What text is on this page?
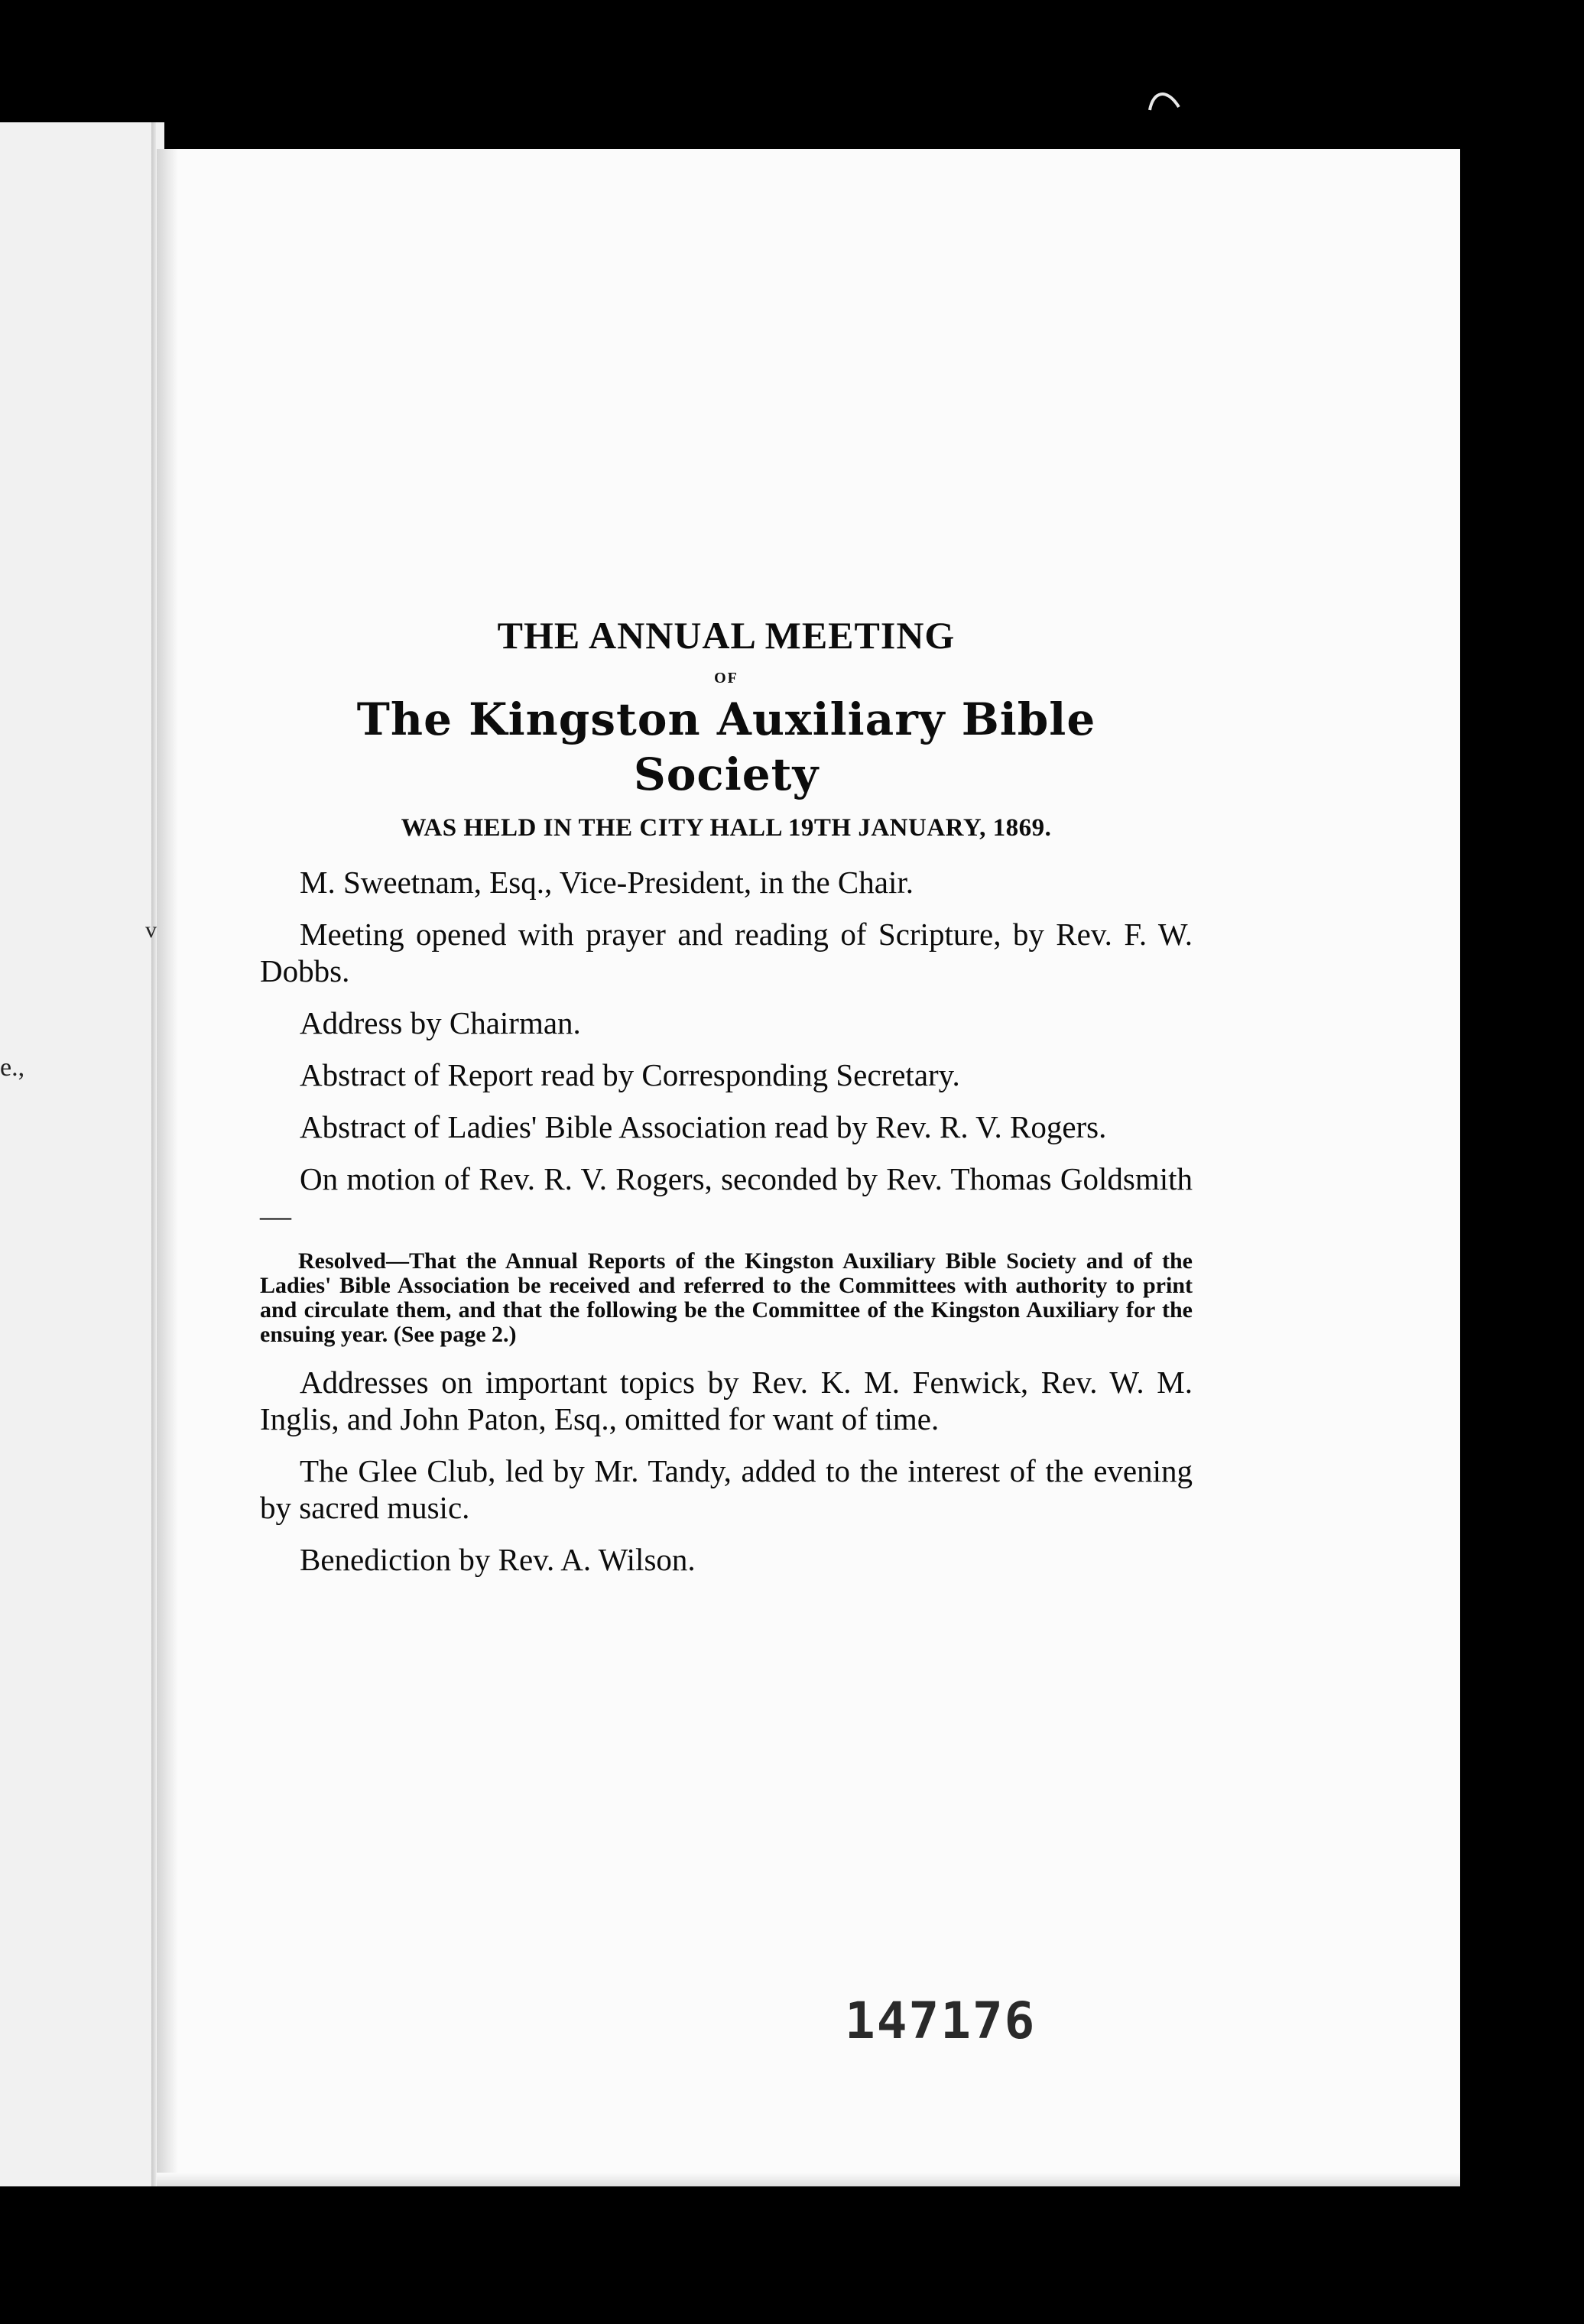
v
e.,
THE ANNUAL MEETING
OF
The Kingston Auxiliary Bible Society
WAS HELD IN THE CITY HALL 19TH JANUARY, 1869.

M. Sweetnam, Esq., Vice-President, in the Chair.

Meeting opened with prayer and reading of Scripture, by Rev. F. W. Dobbs.

Address by Chairman.

Abstract of Report read by Corresponding Secretary.

Abstract of Ladies' Bible Association read by Rev. R. V. Rogers.

On motion of Rev. R. V. Rogers, seconded by Rev. Thomas Goldsmith—

Resolved—That the Annual Reports of the Kingston Auxiliary Bible Society and of the Ladies' Bible Association be received and referred to the Committees with authority to print and circulate them, and that the following be the Committee of the Kingston Auxiliary for the ensuing year. (See page 2.)

Addresses on important topics by Rev. K. M. Fenwick, Rev. W. M. Inglis, and John Paton, Esq., omitted for want of time.

The Glee Club, led by Mr. Tandy, added to the interest of the evening by sacred music.

Benediction by Rev. A. Wilson.

147176
